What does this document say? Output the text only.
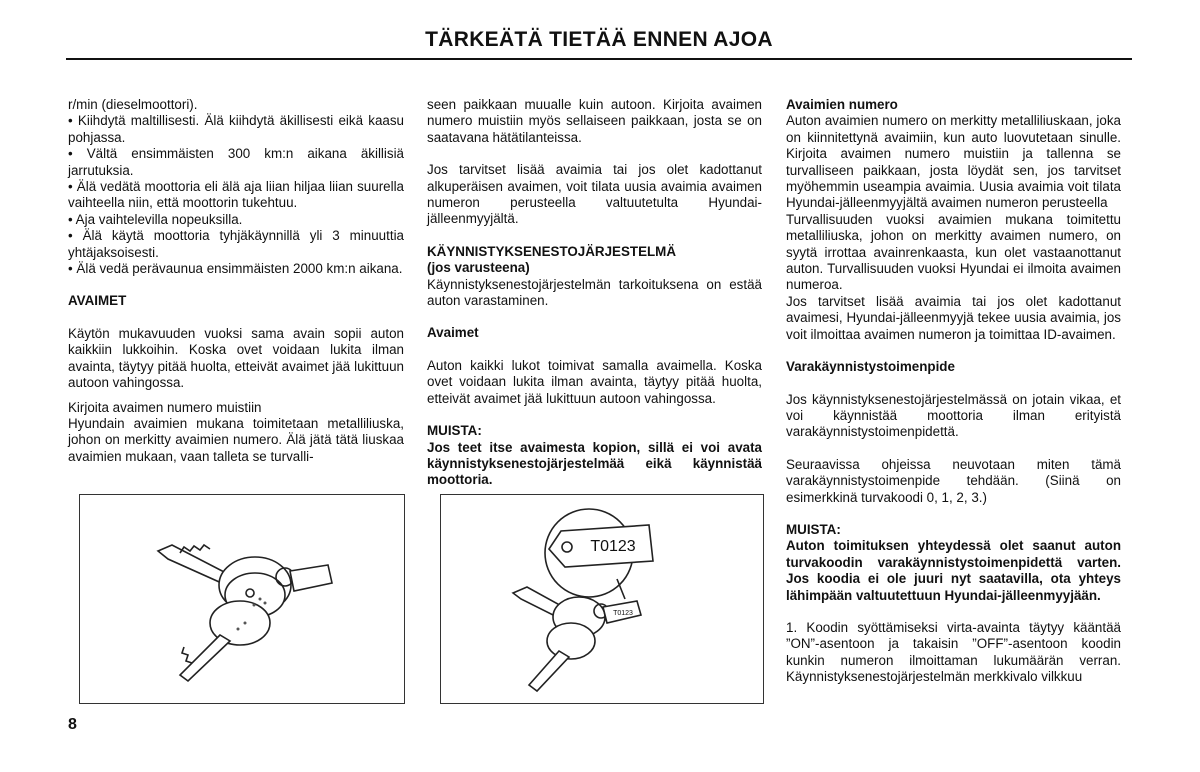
TÄRKEÄTÄ TIETÄÄ ENNEN AJOA

r/min (dieselmoottori).

• Kiihdytä maltillisesti. Älä kiihdytä äkillisesti eikä kaasu pohjassa.

• Vältä ensimmäisten 300 km:n aikana äkillisiä jarrutuksia.

• Älä vedätä moottoria eli älä aja liian hiljaa liian suurella vaihteella niin, että moottorin tukehtuu.

• Aja vaihtelevilla nopeuksilla.

• Älä käytä moottoria tyhjäkäynnillä yli 3 minuuttia yhtäjaksoisesti.

• Älä vedä perävaunua ensimmäisten 2000 km:n aikana.

AVAIMET

Käytön mukavuuden vuoksi sama avain sopii auton kaikkiin lukkoihin. Koska ovet voidaan lukita ilman avainta, täytyy pitää huolta, etteivät avaimet jää lukittuun autoon vahingossa.

Kirjoita avaimen numero muistiin

Hyundain avaimien mukana toimitetaan metalliliuska, johon on merkitty avaimien numero. Älä jätä tätä liuskaa avaimien mukaan, vaan talleta se turvalli-

seen paikkaan muualle kuin autoon. Kirjoita avaimen numero muistiin myös sellaiseen paikkaan, josta se on saatavana hätätilanteissa.

Jos tarvitset lisää avaimia tai jos olet kadottanut alkuperäisen avaimen, voit tilata uusia avaimia avaimen numeron perusteella valtuutetulta Hyundai-jälleenmyyjältä.

KÄYNNISTYKSENESTOJÄRJESTELMÄ

(jos varusteena)

Käynnistyksenestojärjestelmän tarkoituksena on estää auton varastaminen.

Avaimet

Auton kaikki lukot toimivat samalla avaimella. Koska ovet voidaan lukita ilman avainta, täytyy pitää huolta, etteivät avaimet jää lukittuun autoon vahingossa.

MUISTA:

Jos teet itse avaimesta kopion, sillä ei voi avata käynnistyksenestojärjestelmää eikä käynnistää moottoria.

Avaimien numero

Auton avaimien numero on merkitty metalliliuskaan, joka on kiinnitettynä avaimiin, kun auto luovutetaan sinulle. Kirjoita avaimen numero muistiin ja tallenna se turvalliseen paikkaan, josta löydät sen, jos tarvitset myöhemmin useampia avaimia. Uusia avaimia voit tilata Hyundai-jälleenmyyjältä avaimen numeron perusteella

Turvallisuuden vuoksi avaimien mukana toimitettu metalliliuska, johon on merkitty avaimen numero, on syytä irrottaa avainrenkaasta, kun olet vastaanottanut auton. Turvallisuuden vuoksi Hyundai ei ilmoita avaimen numeroa.

Jos tarvitset lisää avaimia tai jos olet kadottanut avaimesi, Hyundai-jälleenmyyjä tekee uusia avaimia, jos voit ilmoittaa avaimen numeron ja toimittaa ID-avaimen.

Varakäynnistystoimenpide

Jos käynnistyksenestojärjestelmässä on jotain vikaa, et voi käynnistää moottoria ilman erityistä varakäynnistystoimenpidettä.

Seuraavissa ohjeissa neuvotaan miten tämä varakäynnistystoimenpide tehdään. (Siinä on esimerkkinä turvakoodi 0, 1, 2, 3.)

MUISTA:

Auton toimituksen yhteydessä olet saanut auton turvakoodin varakäynnistystoimenpidettä varten. Jos koodia ei ole juuri nyt saatavilla, ota yhteys lähimpään valtuutettuun Hyundai-jälleenmyyjään.

1. Koodin syöttämiseksi virta-avainta täytyy kääntää ”ON”-asentoon ja takaisin ”OFF”-asentoon koodin kunkin numeron ilmoittaman lukumäärän verran. Käynnistyksenestojärjestelmän merkkivalo vilkkuu

T0123
T0123
8
